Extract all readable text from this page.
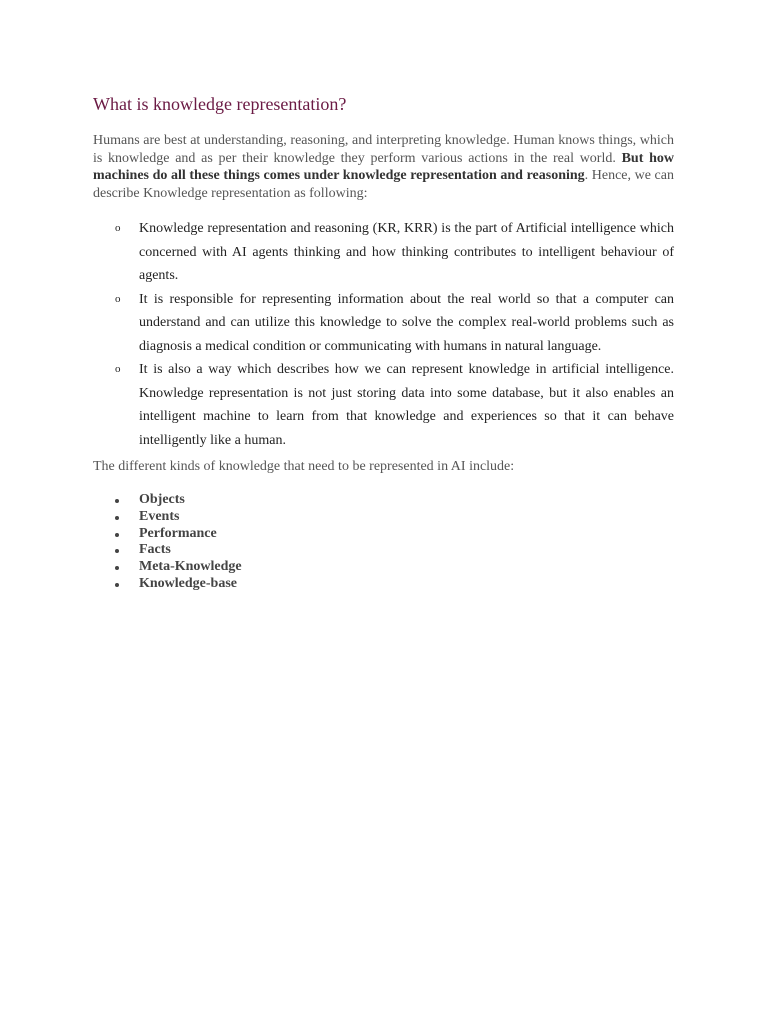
What is knowledge representation?

Humans are best at understanding, reasoning, and interpreting knowledge. Human knows things, which is knowledge and as per their knowledge they perform various actions in the real world. But how machines do all these things comes under knowledge representation and reasoning. Hence, we can describe Knowledge representation as following:

o Knowledge representation and reasoning (KR, KRR) is the part of Artificial intelligence which concerned with AI agents thinking and how thinking contributes to intelligent behaviour of agents.
o It is responsible for representing information about the real world so that a computer can understand and can utilize this knowledge to solve the complex real-world problems such as diagnosis a medical condition or communicating with humans in natural language.
o It is also a way which describes how we can represent knowledge in artificial intelligence. Knowledge representation is not just storing data into some database, but it also enables an intelligent machine to learn from that knowledge and experiences so that it can behave intelligently like a human.

The different kinds of knowledge that need to be represented in AI include:

Objects
Events
Performance
Facts
Meta-Knowledge
Knowledge-base
